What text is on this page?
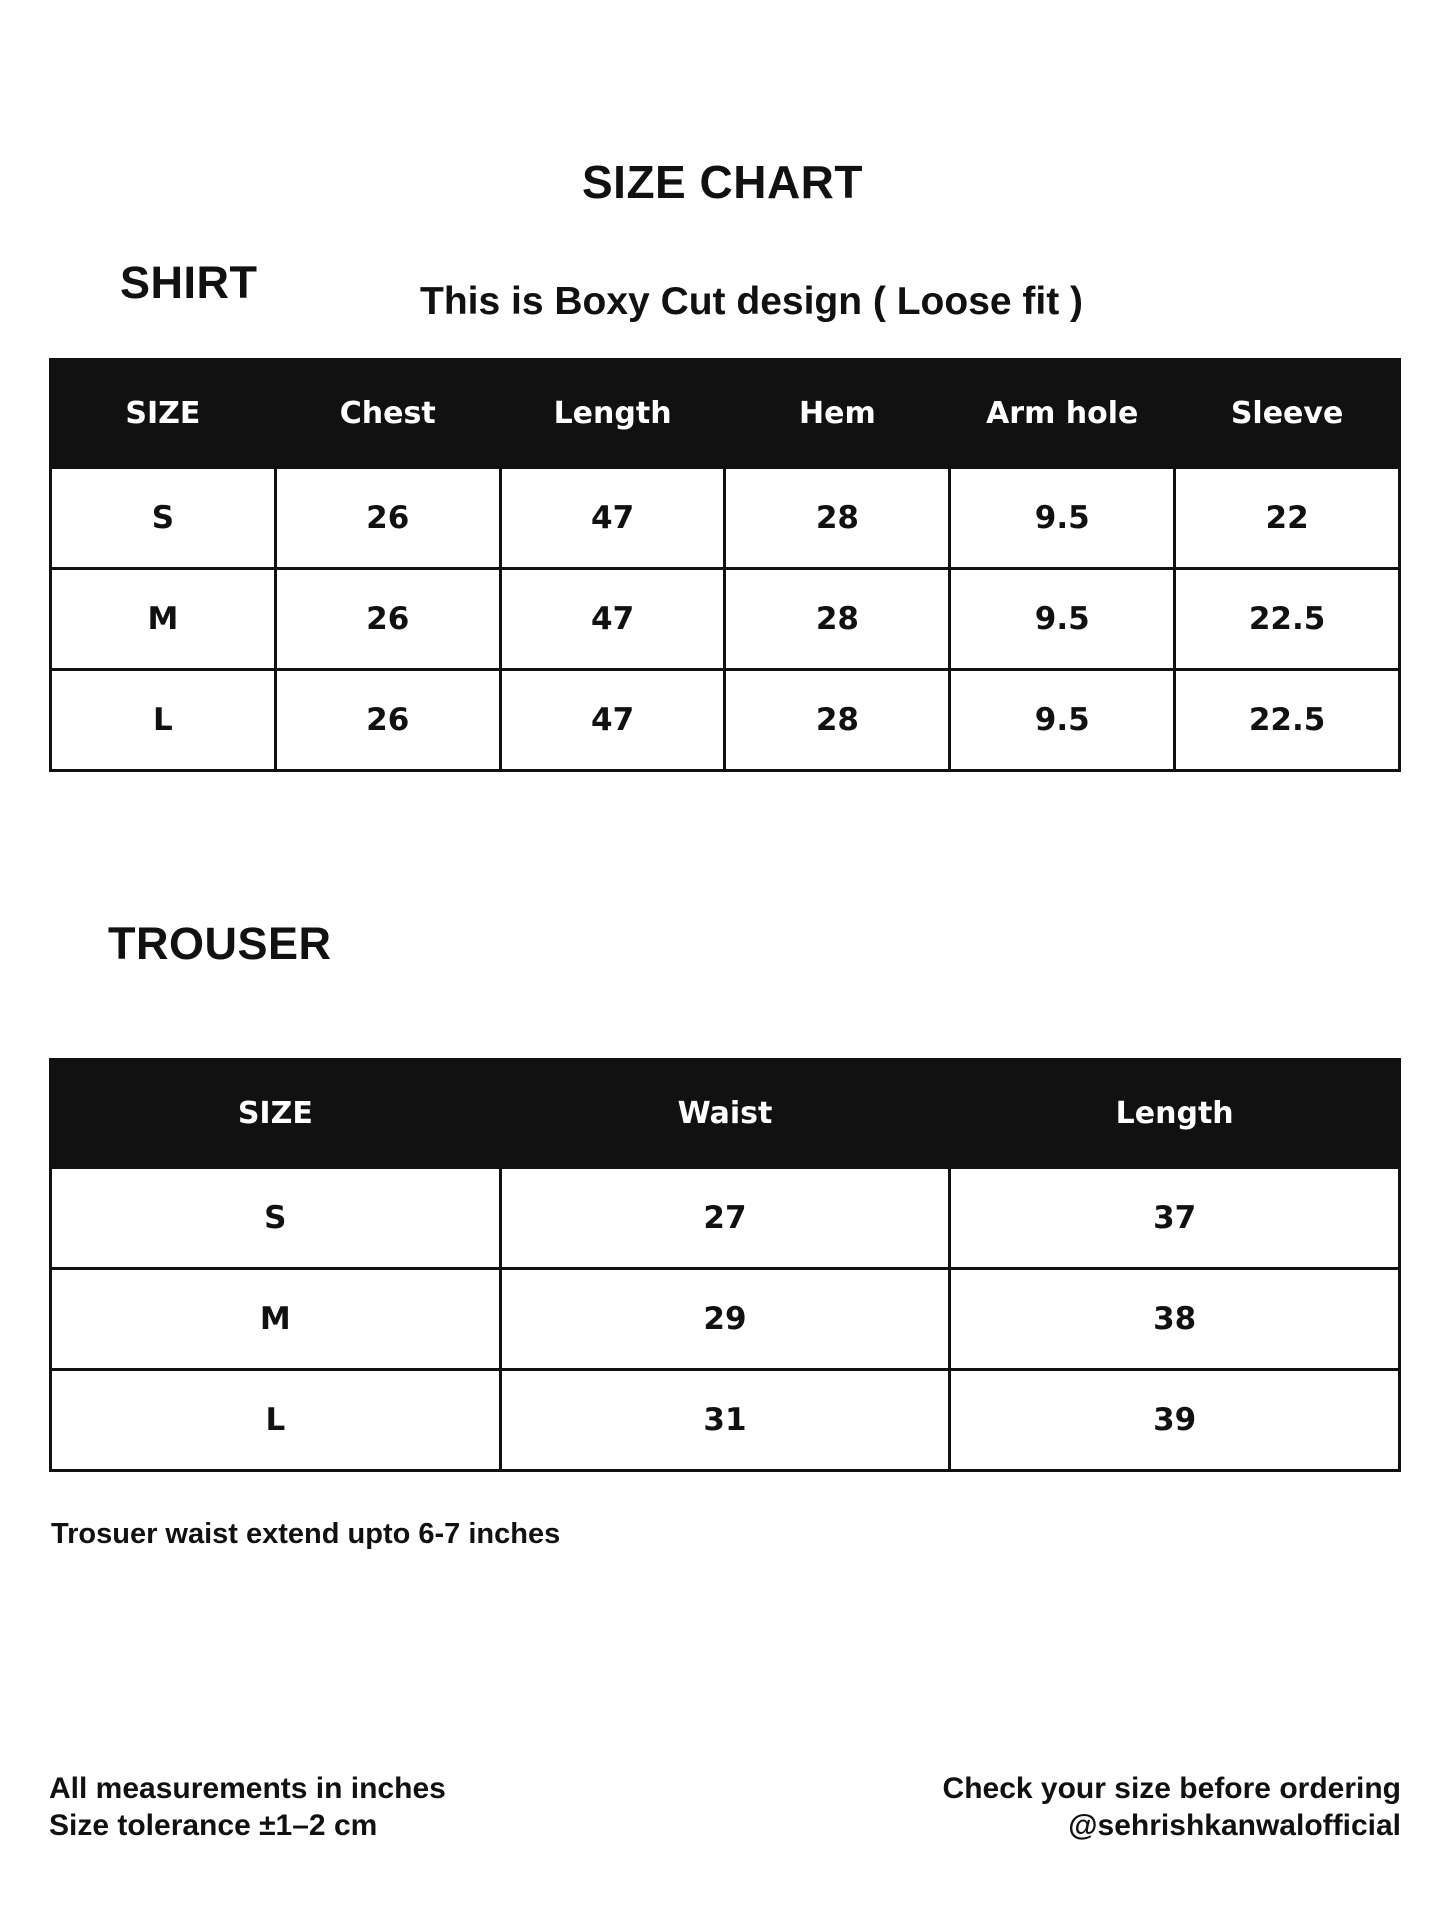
SIZE CHART
SHIRT	This is Boxy Cut design ( Loose fit )
SIZE	Chest	Length	Hem	Arm hole	Sleeve
S	26	47	28	9.5	22
M	26	47	28	9.5	22.5
L	26	47	28	9.5	22.5
TROUSER
SIZE	Waist	Length
S	27	37
M	29	38
L	31	39
Trosuer waist extend upto 6-7 inches
All measurements in inches
Size tolerance ±1–2 cm
Check your size before ordering
@sehrishkanwalofficial
